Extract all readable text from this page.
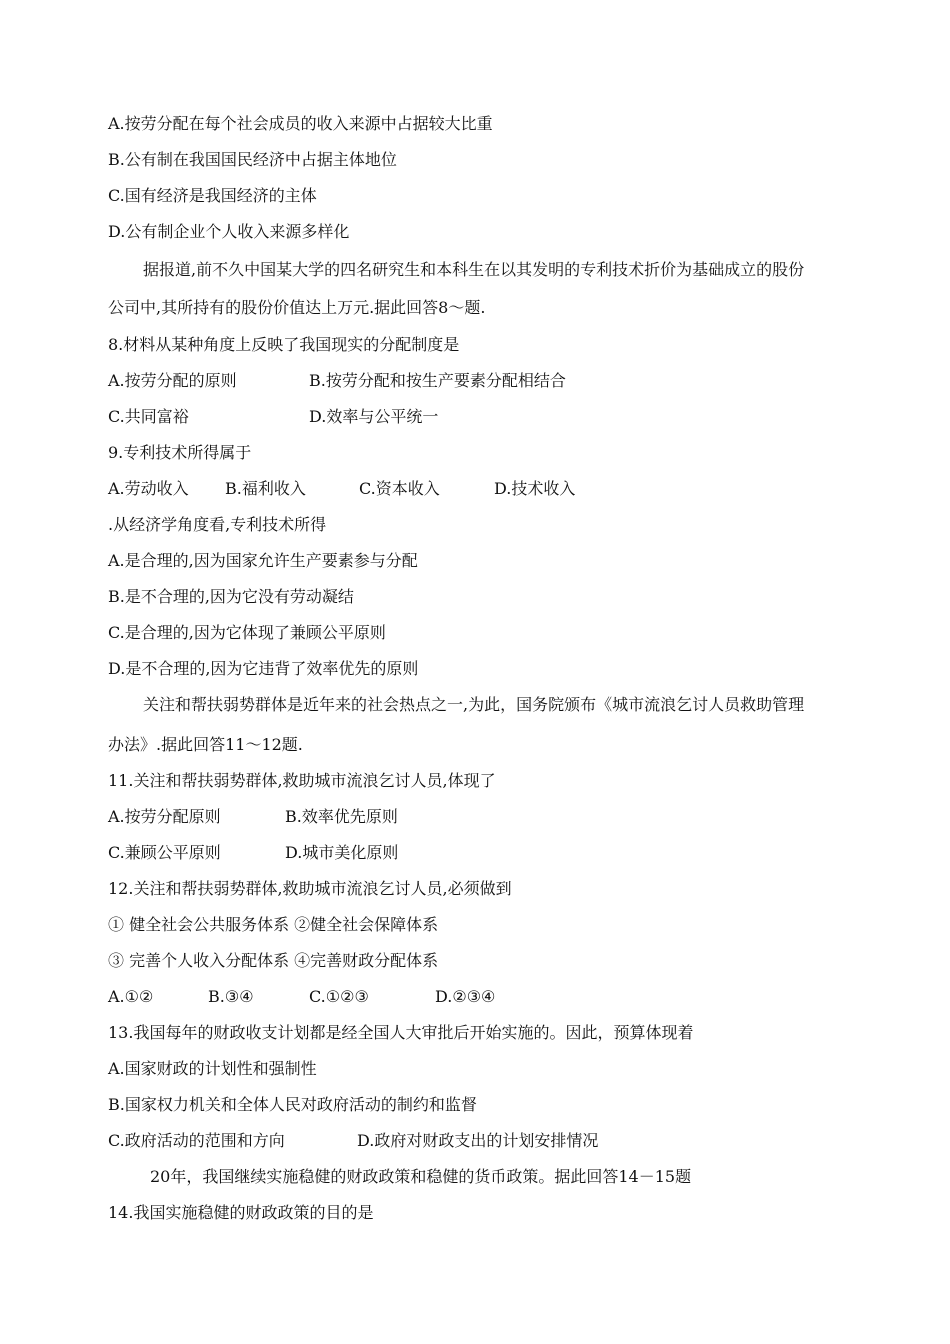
A.按劳分配在每个社会成员的收入来源中占据较大比重
B.公有制在我国国民经济中占据主体地位
C.国有经济是我国经济的主体
D.公有制企业个人收入来源多样化
据报道,前不久中国某大学的四名研究生和本科生在以其发明的专利技术折价为基础成立的股份
公司中,其所持有的股份价值达上万元.据此回答8～题.
8.材料从某种角度上反映了我国现实的分配制度是
A.按劳分配的原则	B.按劳分配和按生产要素分配相结合
C.共同富裕	D.效率与公平统一
9.专利技术所得属于
A.劳动收入 B.福利收入	C.资本收入	D.技术收入
.从经济学角度看,专利技术所得
A.是合理的,因为国家允许生产要素参与分配
B.是不合理的,因为它没有劳动凝结
C.是合理的,因为它体现了兼顾公平原则
D.是不合理的,因为它违背了效率优先的原则
关注和帮扶弱势群体是近年来的社会热点之一,为此，国务院颁布《城市流浪乞讨人员救助管理
办法》.据此回答11～12题.
11.关注和帮扶弱势群体,救助城市流浪乞讨人员,体现了
A.按劳分配原则	B.效率优先原则
C.兼顾公平原则	D.城市美化原则
12.关注和帮扶弱势群体,救助城市流浪乞讨人员,必须做到
① 健全社会公共服务体系 ②健全社会保障体系
③ 完善个人收入分配体系 ④完善财政分配体系
A.①②	B.③④	C.①②③	D.②③④
13.我国每年的财政收支计划都是经全国人大审批后开始实施的。因此，预算体现着
A.国家财政的计划性和强制性
B.国家权力机关和全体人民对政府活动的制约和监督
C.政府活动的范围和方向	D.政府对财政支出的计划安排情况
20年，我国继续实施稳健的财政政策和稳健的货币政策。据此回答14－15题
14.我国实施稳健的财政政策的目的是
